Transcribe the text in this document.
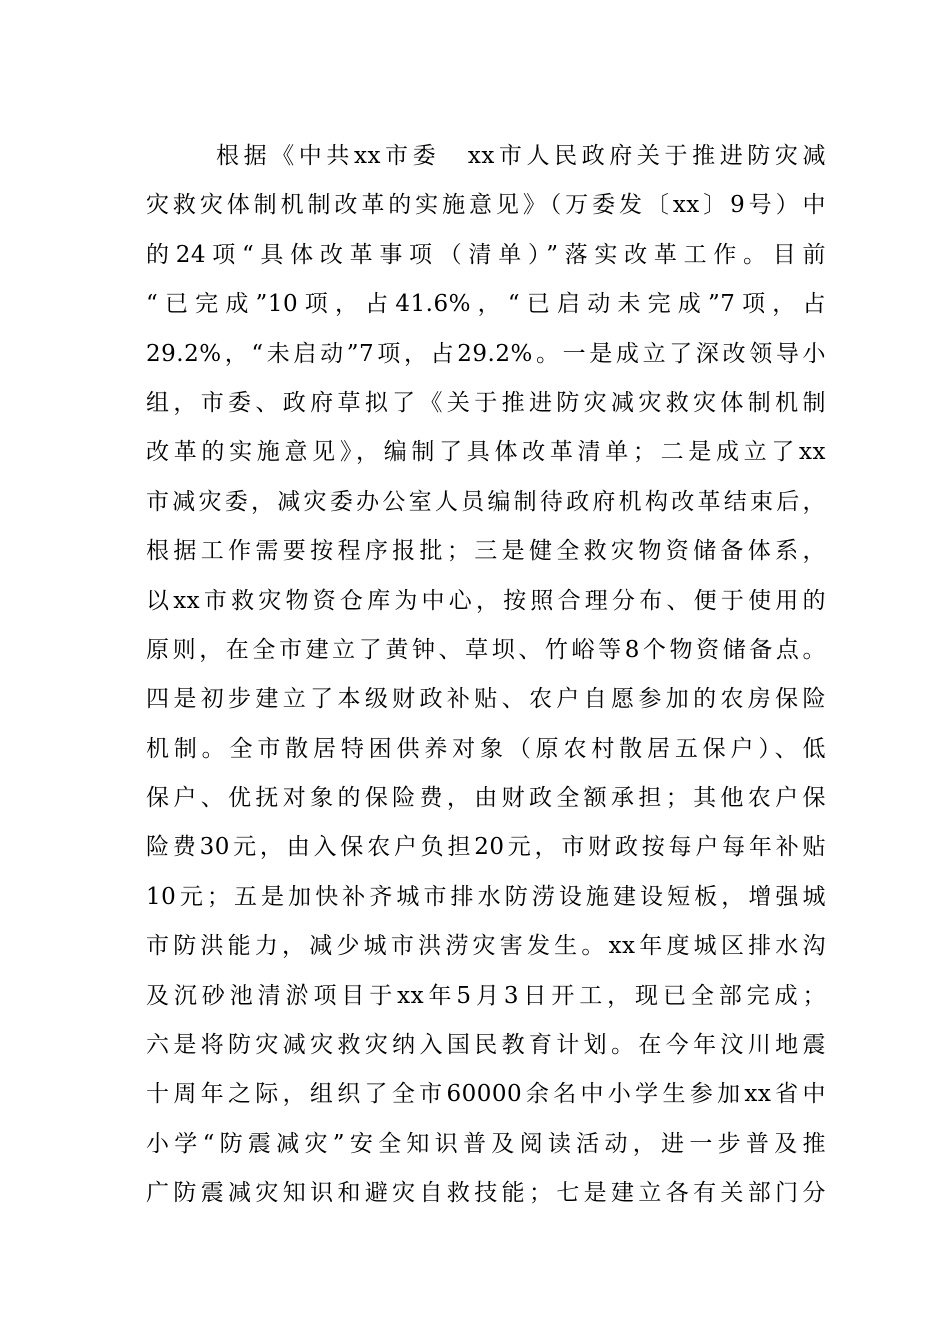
根据《中共xx市委　xx市人民政府关于推进防灾减
灾救灾体制机制改革的实施意见》（万委发〔xx〕9号）中
的24项“具体改革事项（清单）”落实改革工作。目前
“已完成”10项，占41.6%，“已启动未完成”7项，占
29.2%，“未启动”7项，占29.2%。一是成立了深改领导小
组，市委、政府草拟了《关于推进防灾减灾救灾体制机制
改革的实施意见》，编制了具体改革清单；二是成立了xx
市减灾委，减灾委办公室人员编制待政府机构改革结束后，
根据工作需要按程序报批；三是健全救灾物资储备体系，
以xx市救灾物资仓库为中心，按照合理分布、便于使用的
原则，在全市建立了黄钟、草坝、竹峪等8个物资储备点。
四是初步建立了本级财政补贴、农户自愿参加的农房保险
机制。全市散居特困供养对象（原农村散居五保户）、低
保户、优抚对象的保险费，由财政全额承担；其他农户保
险费30元，由入保农户负担20元，市财政按每户每年补贴
10元；五是加快补齐城市排水防涝设施建设短板，增强城
市防洪能力，减少城市洪涝灾害发生。xx年度城区排水沟
及沉砂池清淤项目于xx年5月3日开工，现已全部完成；
六是将防灾减灾救灾纳入国民教育计划。在今年汶川地震
十周年之际，组织了全市60000余名中小学生参加xx省中
小学“防震减灾”安全知识普及阅读活动，进一步普及推
广防震减灾知识和避灾自救技能；七是建立各有关部门分
